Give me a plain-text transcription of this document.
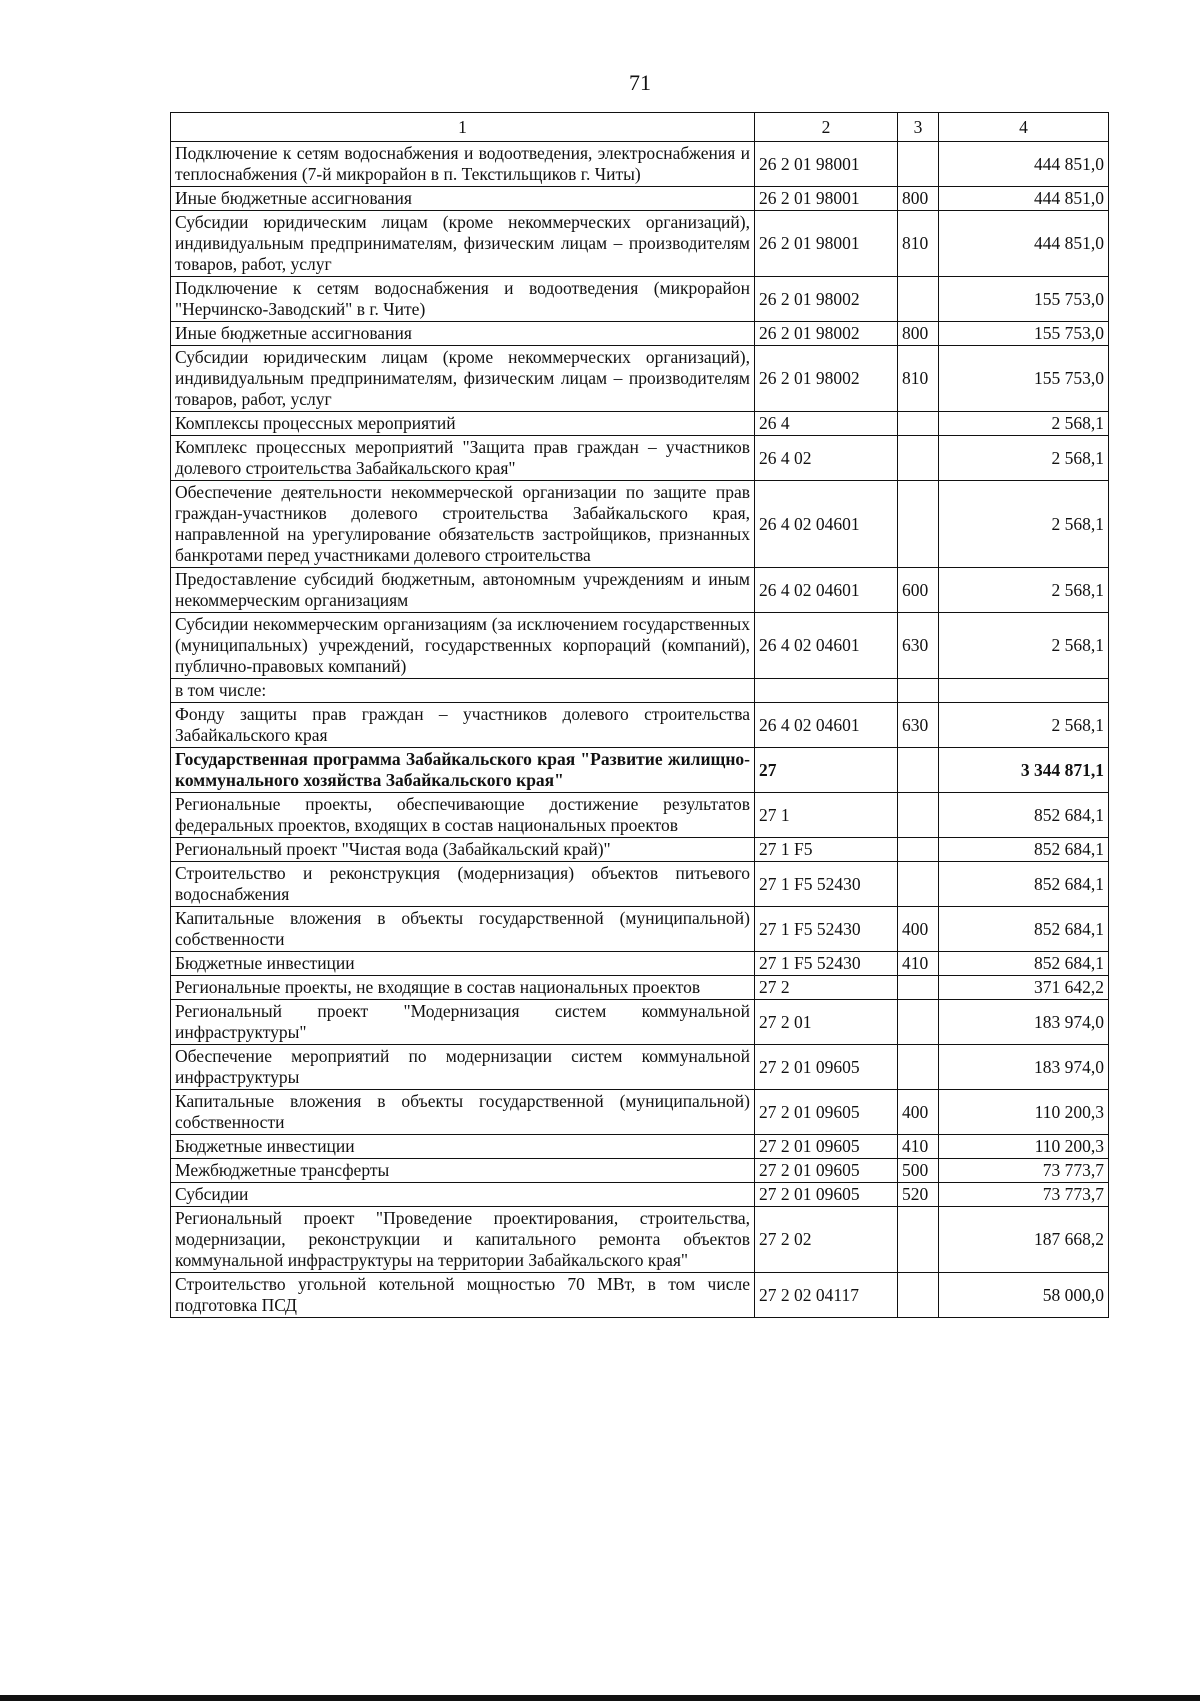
71
1	2	3	4
Подключение к сетям водоснабжения и водоотведения, электроснабжения и теплоснабжения (7-й микрорайон в п. Текстильщиков г. Читы)	26 2 01 98001		444 851,0
Иные бюджетные ассигнования	26 2 01 98001	800	444 851,0
Субсидии юридическим лицам (кроме некоммерческих организаций), индивидуальным предпринимателям, физическим лицам – производителям товаров, работ, услуг	26 2 01 98001	810	444 851,0
Подключение к сетям водоснабжения и водоотведения (микрорайон "Нерчинско-Заводский" в г. Чите)	26 2 01 98002		155 753,0
Иные бюджетные ассигнования	26 2 01 98002	800	155 753,0
Субсидии юридическим лицам (кроме некоммерческих организаций), индивидуальным предпринимателям, физическим лицам – производителям товаров, работ, услуг	26 2 01 98002	810	155 753,0
Комплексы процессных мероприятий	26 4		2 568,1
Комплекс процессных мероприятий "Защита прав граждан – участников долевого строительства Забайкальского края"	26 4 02		2 568,1
Обеспечение деятельности некоммерческой организации по защите прав граждан-участников долевого строительства Забайкальского края, направленной на урегулирование обязательств застройщиков, признанных банкротами перед участниками долевого строительства	26 4 02 04601		2 568,1
Предоставление субсидий бюджетным, автономным учреждениям и иным некоммерческим организациям	26 4 02 04601	600	2 568,1
Субсидии некоммерческим организациям (за исключением государственных (муниципальных) учреждений, государственных корпораций (компаний), публично-правовых компаний)	26 4 02 04601	630	2 568,1
в том числе:			
Фонду защиты прав граждан – участников долевого строительства Забайкальского края	26 4 02 04601	630	2 568,1
Государственная программа Забайкальского края "Развитие жилищно-коммунального хозяйства Забайкальского края"	27		3 344 871,1
Региональные проекты, обеспечивающие достижение результатов федеральных проектов, входящих в состав национальных проектов	27 1		852 684,1
Региональный проект "Чистая вода (Забайкальский край)"	27 1 F5		852 684,1
Строительство и реконструкция (модернизация) объектов питьевого водоснабжения	27 1 F5 52430		852 684,1
Капитальные вложения в объекты государственной (муниципальной) собственности	27 1 F5 52430	400	852 684,1
Бюджетные инвестиции	27 1 F5 52430	410	852 684,1
Региональные проекты, не входящие в состав национальных проектов	27 2		371 642,2
Региональный проект "Модернизация систем коммунальной инфраструктуры"	27 2 01		183 974,0
Обеспечение мероприятий по модернизации систем коммунальной инфраструктуры	27 2 01 09605		183 974,0
Капитальные вложения в объекты государственной (муниципальной) собственности	27 2 01 09605	400	110 200,3
Бюджетные инвестиции	27 2 01 09605	410	110 200,3
Межбюджетные трансферты	27 2 01 09605	500	73 773,7
Субсидии	27 2 01 09605	520	73 773,7
Региональный проект "Проведение проектирования, строительства, модернизации, реконструкции и капитального ремонта объектов коммунальной инфраструктуры на территории Забайкальского края"	27 2 02		187 668,2
Строительство угольной котельной мощностью 70 МВт, в том числе подготовка ПСД	27 2 02 04117		58 000,0
